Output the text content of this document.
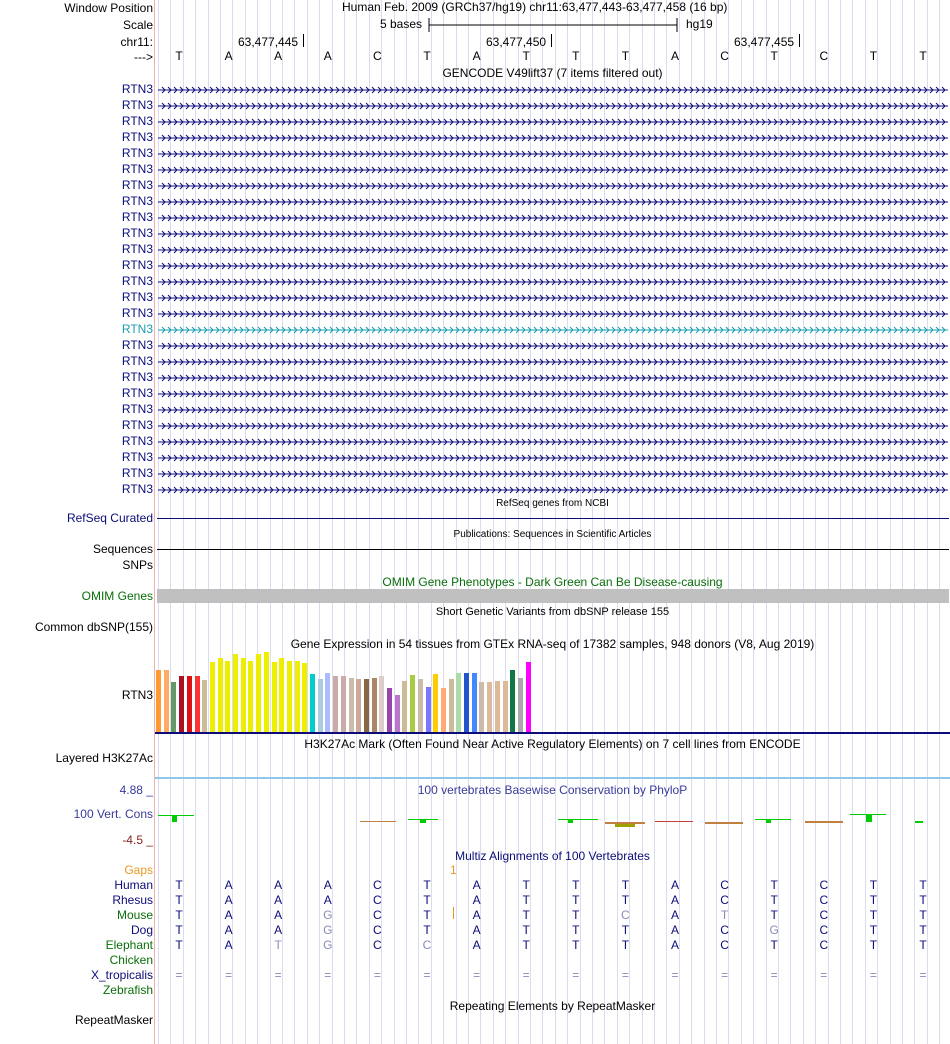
Window Position	Human Feb. 2009 (GRCh37/hg19) chr11:63,477,443-63,477,458 (16 bp)
Scale	5 bases	hg19
chr11:	63,477,445	63,477,450	63,477,455
--->	T	A	A	A	C	T	A	T	T	T	A	C	T	C	T	T
GENCODE V49lift37 (7 items filtered out)
RTN3
RTN3
RTN3
RTN3
RTN3
RTN3
RTN3
RTN3
RTN3
RTN3
RTN3
RTN3
RTN3
RTN3
RTN3
RTN3
RTN3
RTN3
RTN3
RTN3
RTN3
RTN3
RTN3
RTN3
RTN3
RTN3
RefSeq genes from NCBI
RefSeq Curated
Publications: Sequences in Scientific Articles
Sequences
SNPs
OMIM Gene Phenotypes - Dark Green Can Be Disease-causing
OMIM Genes
Short Genetic Variants from dbSNP release 155
Common dbSNP(155)
Gene Expression in 54 tissues from GTEx RNA-seq of 17382 samples, 948 donors (V8, Aug 2019)
RTN3
H3K27Ac Mark (Often Found Near Active Regulatory Elements) on 7 cell lines from ENCODE
Layered H3K27Ac
100 vertebrates Basewise Conservation by PhyloP
4.88 _
100 Vert. Cons
-4.5 _
Multiz Alignments of 100 Vertebrates
Gaps	1
Human	T	A	A	A	C	T	A	T	T	T	A	C	T	C	T	T
Rhesus	T	A	A	A	C	T	A	T	T	T	A	C	T	C	T	T
Mouse	T	A	A	G	C	T	A	T	T	C	A	T	T	C	T	T
Dog	T	A	A	G	C	T	A	T	T	T	A	C	G	C	T	T
Elephant	T	A	T	G	C	C	A	T	T	T	A	C	T	C	T	T
Chicken
X_tropicalis	=	=	=	=	=	=	=	=	=	=	=	=	=	=	=	=
Zebrafish
Repeating Elements by RepeatMasker
RepeatMasker
